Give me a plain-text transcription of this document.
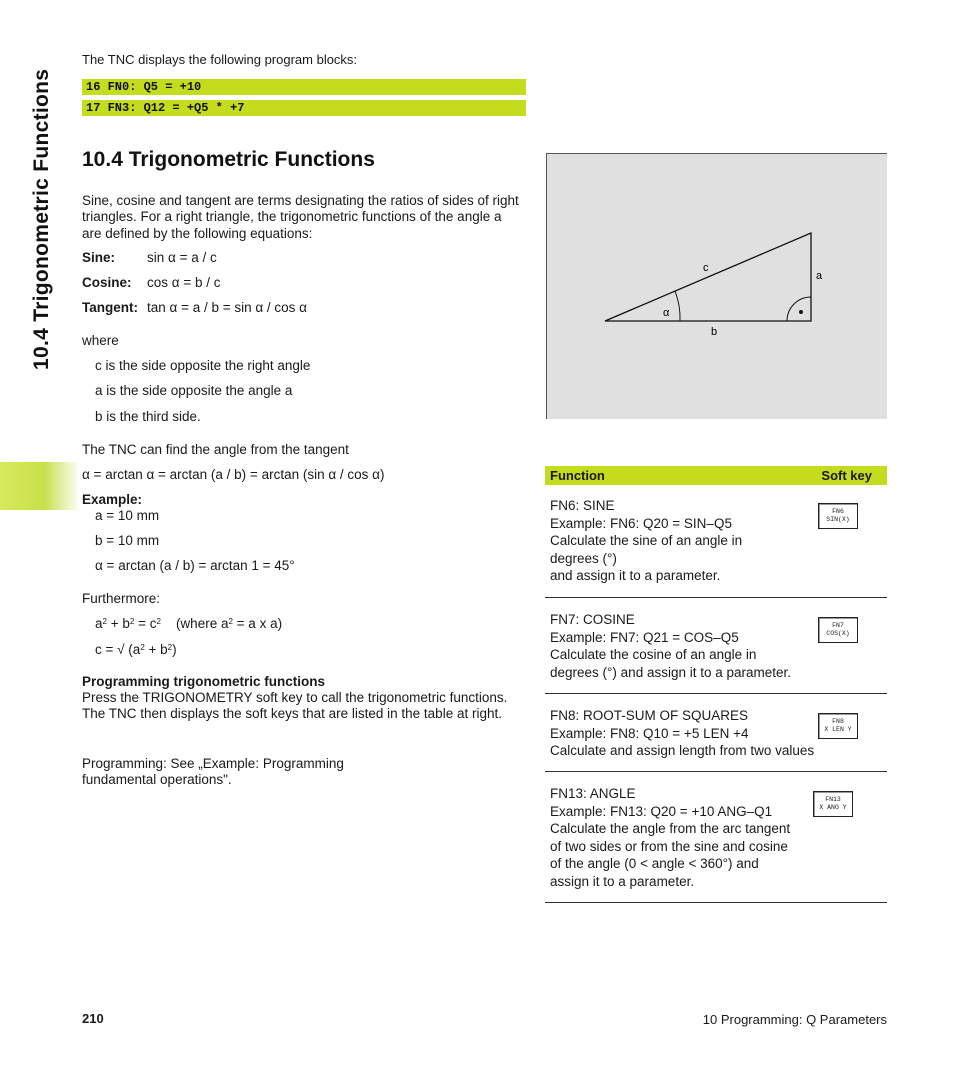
10.4 Trigonometric Functions
The TNC displays the following program blocks:
16 FN0: Q5 = +10
17 FN3: Q12 = +Q5 * +7
10.4 Trigonometric Functions
Sine, cosine and tangent are terms designating the ratios of sides of right triangles. For a right triangle, the trigonometric functions of the angle a are defined by the following equations:
Sine: sin α = a / c
Cosine: cos α = b / c
Tangent: tan α = a / b = sin α / cos α
where
c is the side opposite the right angle
a is the side opposite the angle a
b is the third side.
The TNC can find the angle from the tangent
α = arctan α = arctan (a / b) = arctan (sin α / cos α)
Example:
a = 10 mm
b = 10 mm
α = arctan (a / b) = arctan 1 = 45°
Furthermore:
$a^2 + b^2 = c^2$ (where $a^2 = a$ x a)
c = √ $(a^2 + b^2)$
Programming trigonometric functions
Press the TRIGONOMETRY soft key to call the trigonometric functions. The TNC then displays the soft keys that are listed in the table at right.
Programming: See „Example: Programming fundamental operations".
c
a
b
α
Function	Soft key
FN6: SINE
Example: FN6: Q20 = SIN–Q5
Calculate the sine of an angle in
degrees (°)
and assign it to a parameter.
FN6
SIN(X)
FN7: COSINE
Example: FN7: Q21 = COS–Q5
Calculate the cosine of an angle in
degrees (°) and assign it to a parameter.
FN7
COS(X)
FN8: ROOT-SUM OF SQUARES
Example: FN8: Q10 = +5 LEN +4
Calculate and assign length from two values
FN8
X LEN Y
FN13: ANGLE
Example: FN13: Q20 = +10 ANG–Q1
Calculate the angle from the arc tangent
of two sides or from the sine and cosine
of the angle (0 < angle < 360°) and
assign it to a parameter.
FN13
X ANG Y
210	10 Programming: Q Parameters
